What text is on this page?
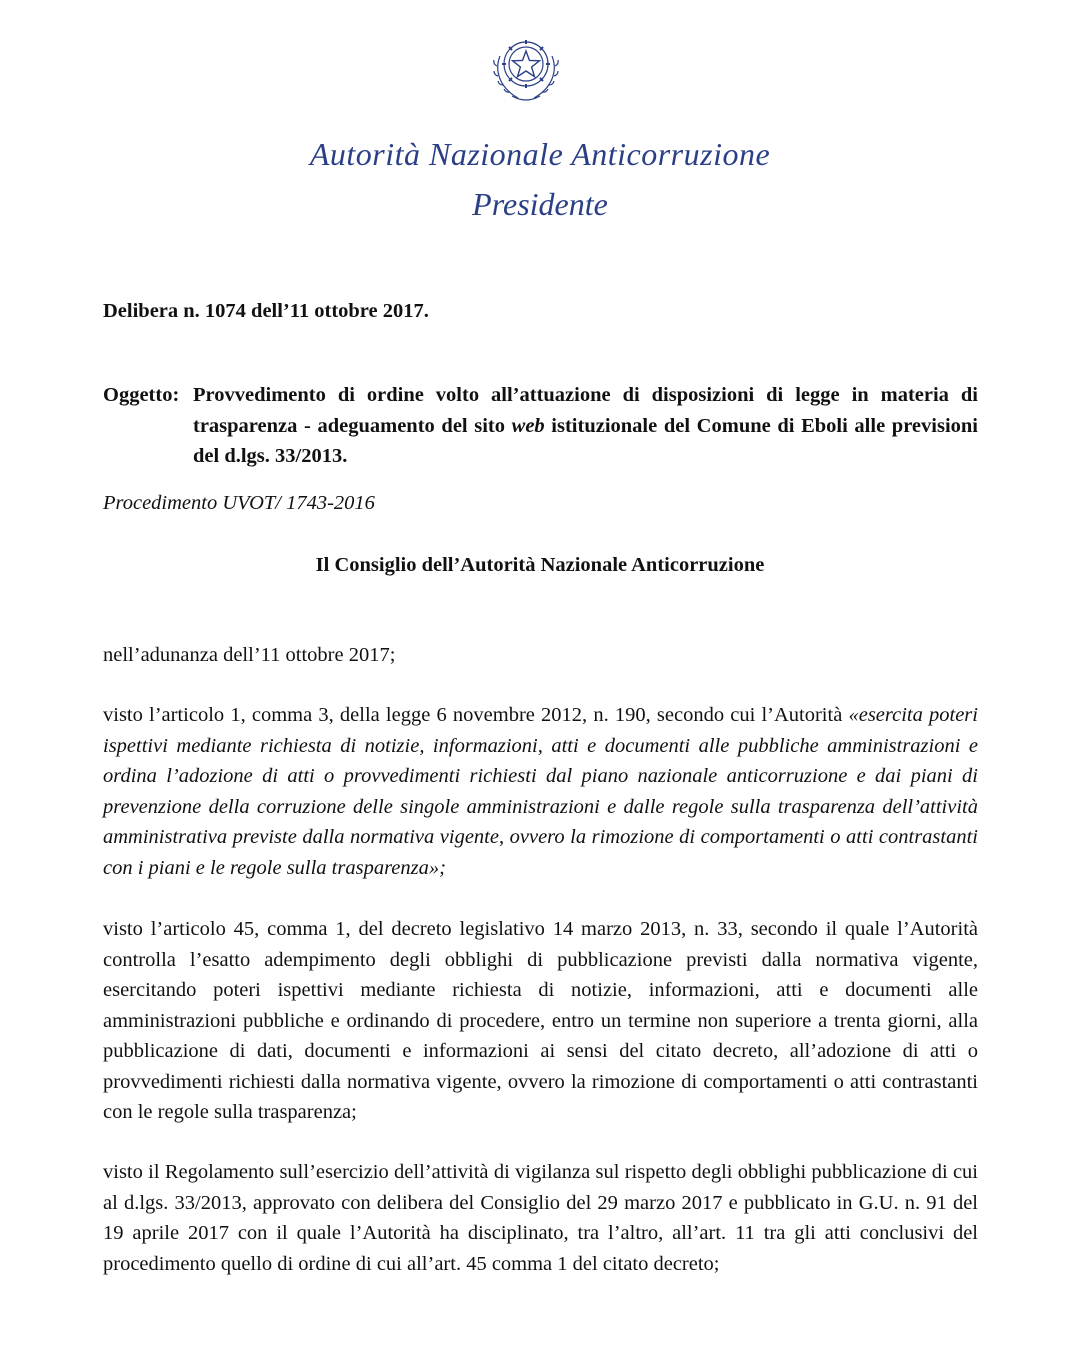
Autorità Nazionale Anticorruzione
Presidente
Delibera n. 1074 dell’11 ottobre 2017.
Oggetto: Provvedimento di ordine volto all’attuazione di disposizioni di legge in materia di trasparenza - adeguamento del sito web istituzionale del Comune di Eboli alle previsioni del d.lgs. 33/2013.
Procedimento UVOT/ 1743-2016
Il Consiglio dell’Autorità Nazionale Anticorruzione
nell’adunanza dell’11 ottobre 2017;
visto l’articolo 1, comma 3, della legge 6 novembre 2012, n. 190, secondo cui l’Autorità «esercita poteri ispettivi mediante richiesta di notizie, informazioni, atti e documenti alle pubbliche amministrazioni e ordina l’adozione di atti o provvedimenti richiesti dal piano nazionale anticorruzione e dai piani di prevenzione della corruzione delle singole amministrazioni e dalle regole sulla trasparenza dell’attività amministrativa previste dalla normativa vigente, ovvero la rimozione di comportamenti o atti contrastanti con i piani e le regole sulla trasparenza»;
visto l’articolo 45, comma 1, del decreto legislativo 14 marzo 2013, n. 33, secondo il quale l’Autorità controlla l’esatto adempimento degli obblighi di pubblicazione previsti dalla normativa vigente, esercitando poteri ispettivi mediante richiesta di notizie, informazioni, atti e documenti alle amministrazioni pubbliche e ordinando di procedere, entro un termine non superiore a trenta giorni, alla pubblicazione di dati, documenti e informazioni ai sensi del citato decreto, all’adozione di atti o provvedimenti richiesti dalla normativa vigente, ovvero la rimozione di comportamenti o atti contrastanti con le regole sulla trasparenza;
visto il Regolamento sull’esercizio dell’attività di vigilanza sul rispetto degli obblighi pubblicazione di cui al d.lgs. 33/2013, approvato con delibera del Consiglio del 29 marzo 2017 e pubblicato in G.U. n. 91 del 19 aprile 2017 con il quale l’Autorità ha disciplinato, tra l’altro, all’art. 11 tra gli atti conclusivi del procedimento quello di ordine di cui all’art. 45 comma 1 del citato decreto;
